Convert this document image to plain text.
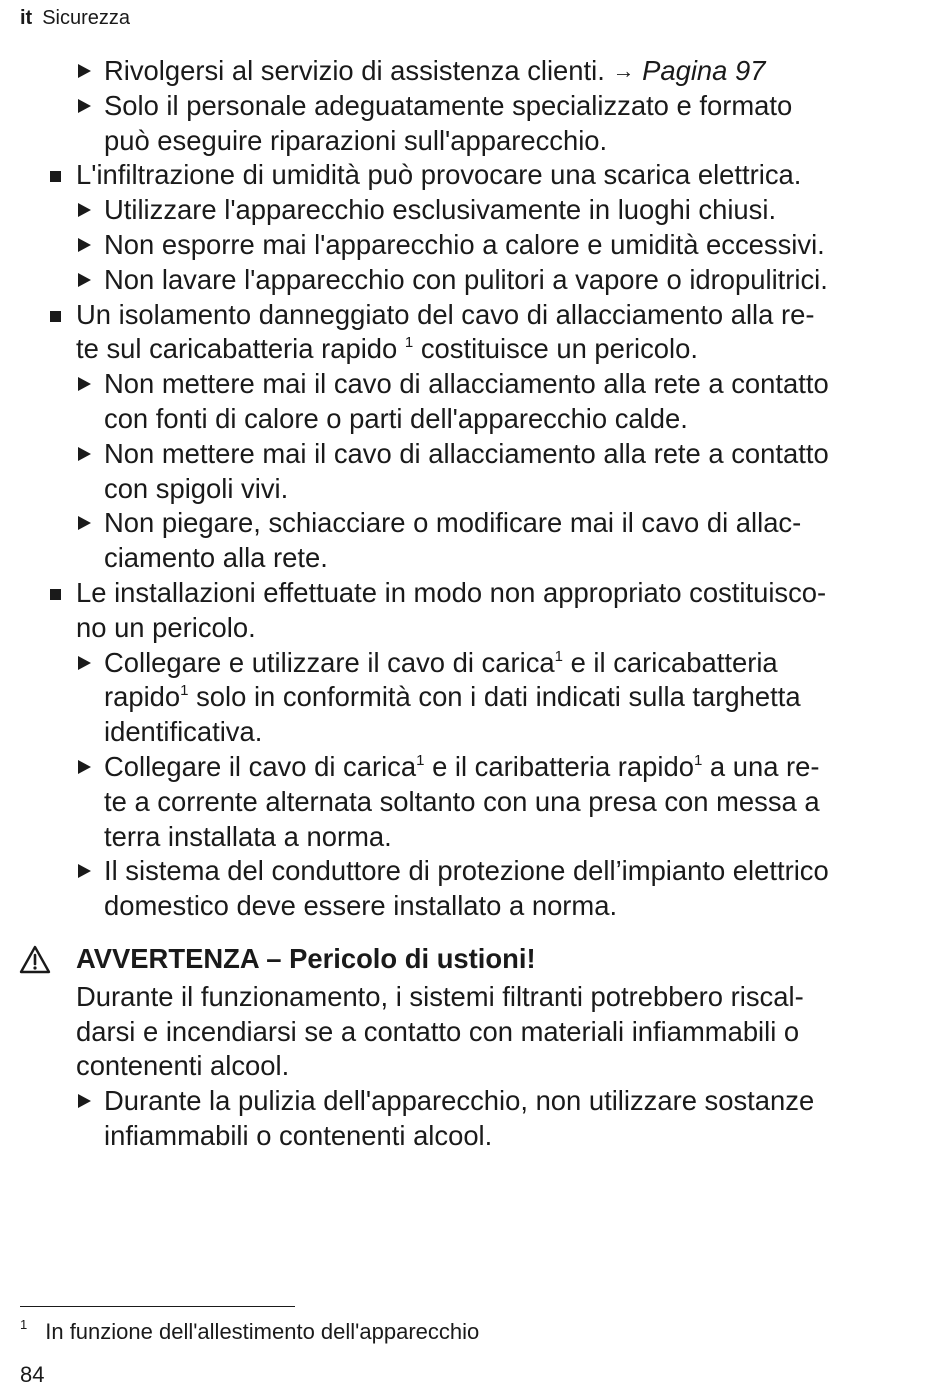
it Sicurezza
Rivolgersi al servizio di assistenza clienti. → Pagina 97
Solo il personale adeguatamente specializzato e formato
può eseguire riparazioni sull'apparecchio.
L'infiltrazione di umidità può provocare una scarica elettrica.
Utilizzare l'apparecchio esclusivamente in luoghi chiusi.
Non esporre mai l'apparecchio a calore e umidità eccessivi.
Non lavare l'apparecchio con pulitori a vapore o idropulitrici.
Un isolamento danneggiato del cavo di allacciamento alla re-
te sul caricabatteria rapido $^1$ costituisce un pericolo.
Non mettere mai il cavo di allacciamento alla rete a contatto
con fonti di calore o parti dell'apparecchio calde.
Non mettere mai il cavo di allacciamento alla rete a contatto
con spigoli vivi.
Non piegare, schiacciare o modificare mai il cavo di allac-
ciamento alla rete.
Le installazioni effettuate in modo non appropriato costituisco-
no un pericolo.
Collegare e utilizzare il cavo di carica$^1$ e il caricabatteria
rapido$^1$ solo in conformità con i dati indicati sulla targhetta
identificativa.
Collegare il cavo di carica$^1$ e il caribatteria rapido$^1$ a una re-
te a corrente alternata soltanto con una presa con messa a
terra installata a norma.
Il sistema del conduttore di protezione dell’impianto elettrico
domestico deve essere installato a norma.
AVVERTENZA – Pericolo di ustioni!
Durante il funzionamento, i sistemi filtranti potrebbero riscal-
darsi e incendiarsi se a contatto con materiali infiammabili o
contenenti alcool.
Durante la pulizia dell'apparecchio, non utilizzare sostanze
infiammabili o contenenti alcool.
$^1$ In funzione dell'allestimento dell'apparecchio
84
